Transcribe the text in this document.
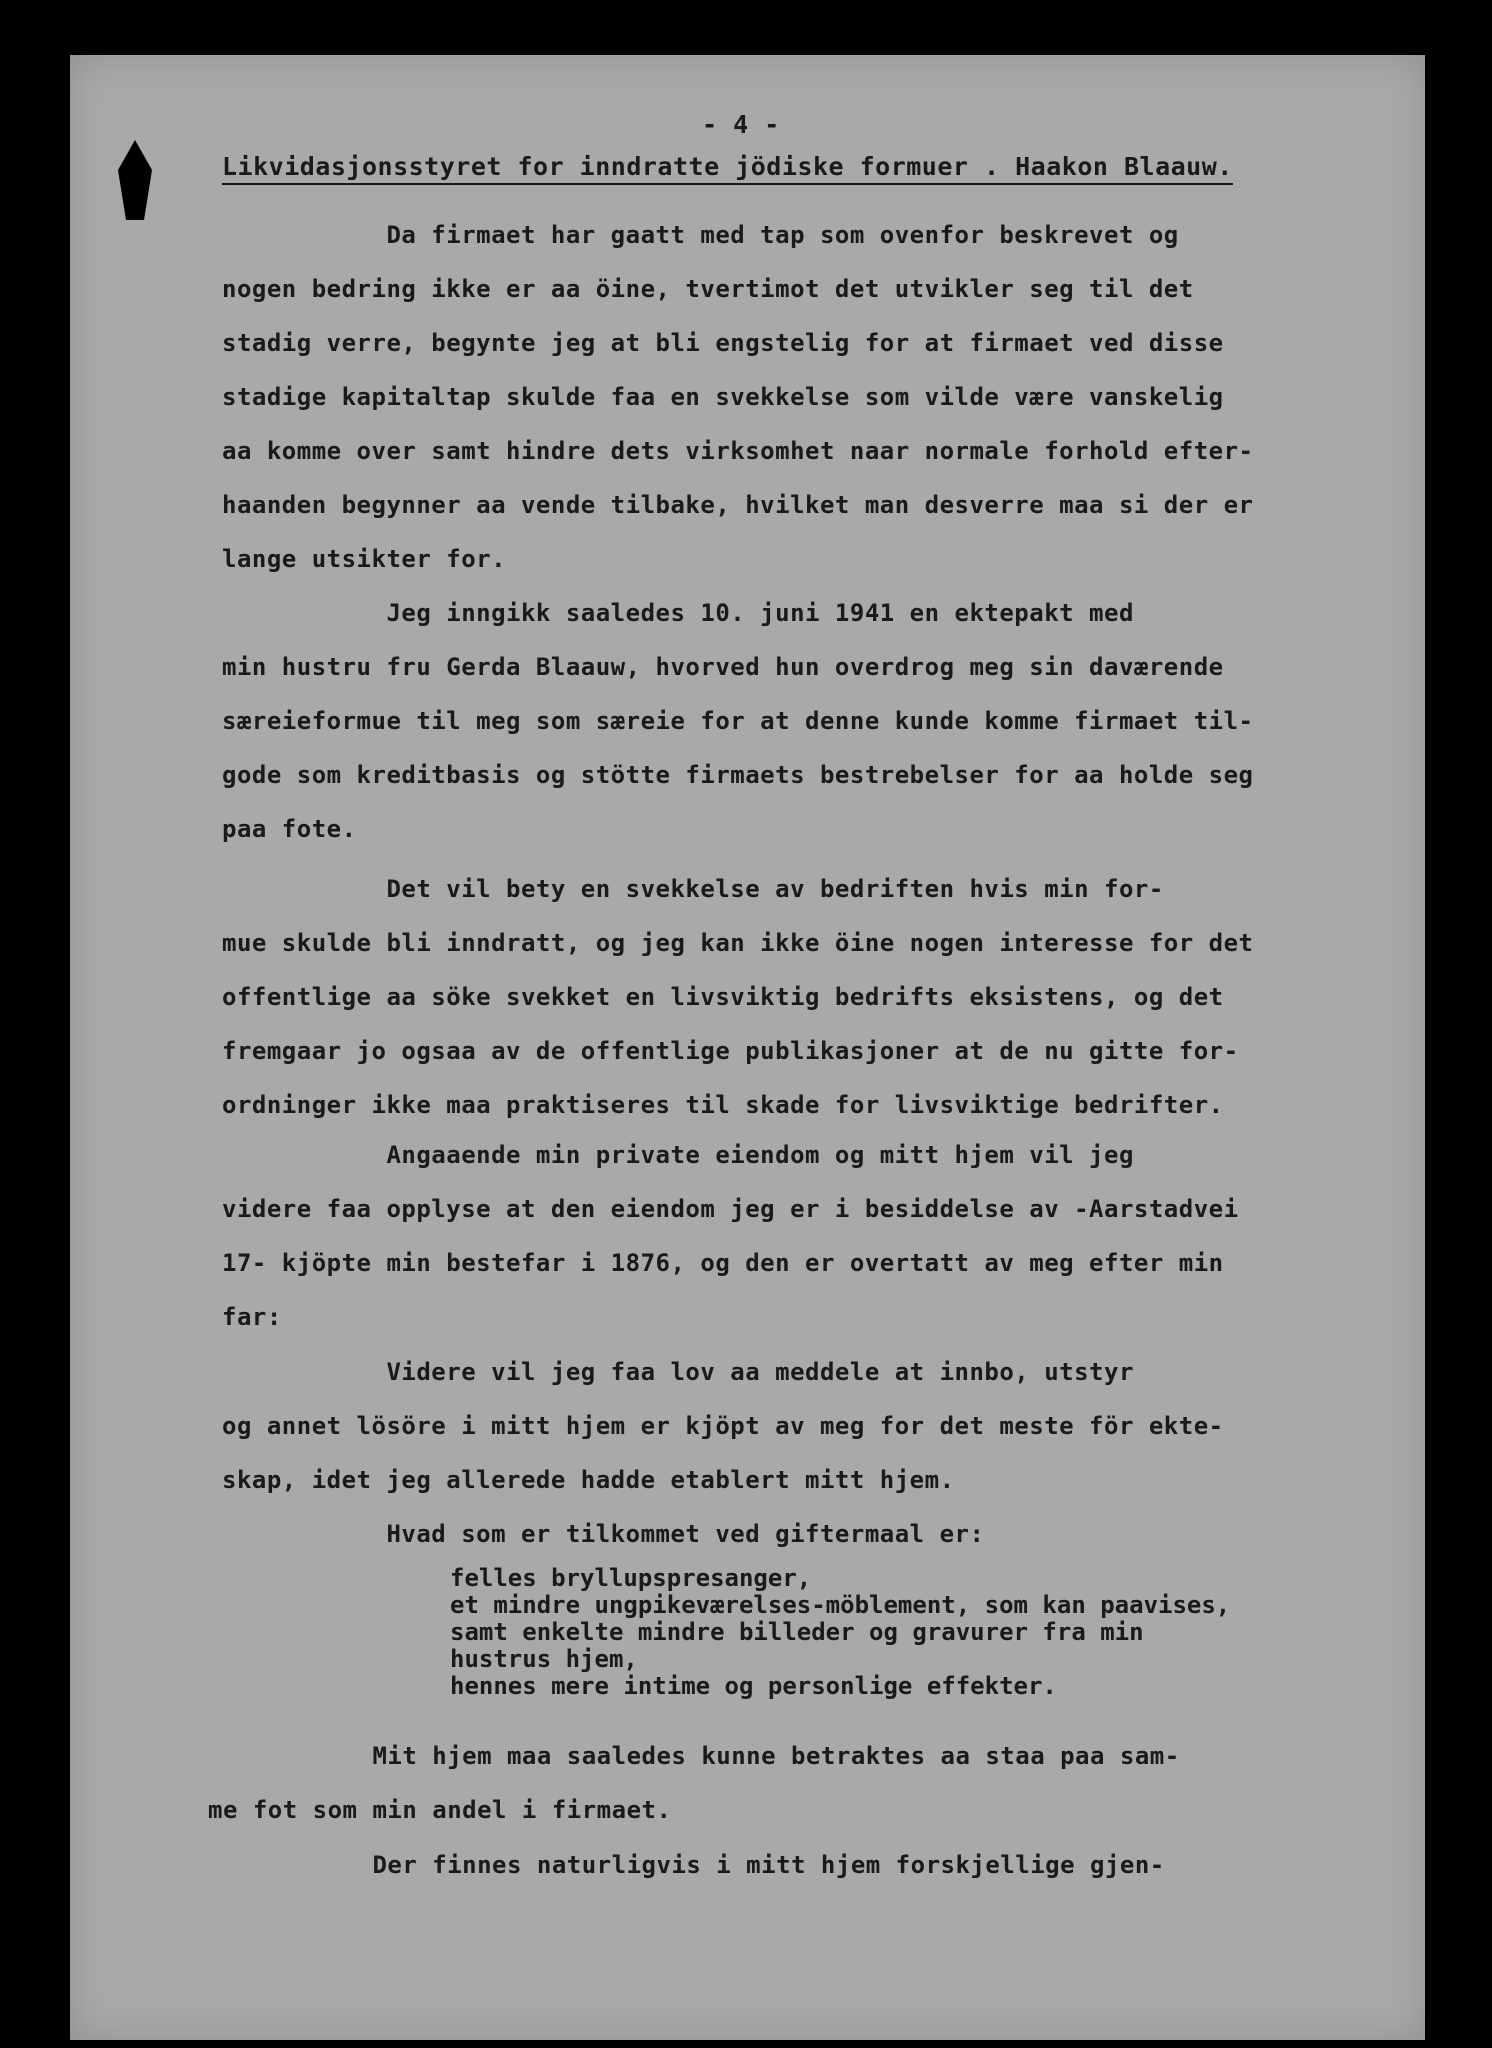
- 4 -
Likvidasjonsstyret for inndratte jödiske formuer . Haakon Blaauw.
Da firmaet har gaatt med tap som ovenfor beskrevet og
nogen bedring ikke er aa öine, tvertimot det utvikler seg til det
stadig verre, begynte jeg at bli engstelig for at firmaet ved disse
stadige kapitaltap skulde faa en svekkelse som vilde være vanskelig
aa komme over samt hindre dets virksomhet naar normale forhold efter-
haanden begynner aa vende tilbake, hvilket man desverre maa si der er
lange utsikter for.
Jeg inngikk saaledes 10. juni 1941 en ektepakt med
min hustru fru Gerda Blaauw, hvorved hun overdrog meg sin daværende
særeieformue til meg som særeie for at denne kunde komme firmaet til-
gode som kreditbasis og stötte firmaets bestrebelser for aa holde seg
paa fote.
Det vil bety en svekkelse av bedriften hvis min for-
mue skulde bli inndratt, og jeg kan ikke öine nogen interesse for det
offentlige aa söke svekket en livsviktig bedrifts eksistens, og det
fremgaar jo ogsaa av de offentlige publikasjoner at de nu gitte for-
ordninger ikke maa praktiseres til skade for livsviktige bedrifter.
Angaaende min private eiendom og mitt hjem vil jeg
videre faa opplyse at den eiendom jeg er i besiddelse av -Aarstadvei
17- kjöpte min bestefar i 1876, og den er overtatt av meg efter min
far:
Videre vil jeg faa lov aa meddele at innbo, utstyr
og annet lösöre i mitt hjem er kjöpt av meg for det meste för ekte-
skap, idet jeg allerede hadde etablert mitt hjem.
Hvad som er tilkommet ved giftermaal er:
felles bryllupspresanger,
et mindre ungpikeværelses-möblement, som kan paavises,
samt enkelte mindre billeder og gravurer fra min
hustrus hjem,
hennes mere intime og personlige effekter.
Mit hjem maa saaledes kunne betraktes aa staa paa sam-
me fot som min andel i firmaet.
Der finnes naturligvis i mitt hjem forskjellige gjen-
